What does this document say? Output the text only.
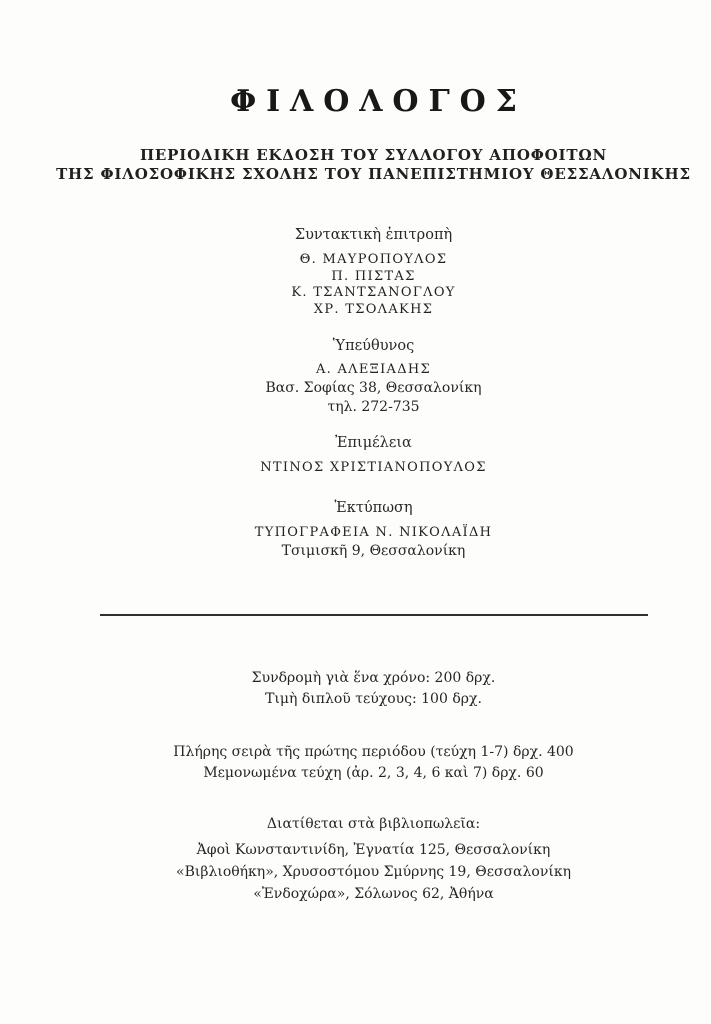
ΦΙΛΟΛΟΓΟΣ
ΠΕΡΙΟΔΙΚΗ ΕΚΔΟΣΗ ΤΟΥ ΣΥΛΛΟΓΟΥ ΑΠΟΦΟΙΤΩΝ
ΤΗΣ ΦΙΛΟΣΟΦΙΚΗΣ ΣΧΟΛΗΣ ΤΟΥ ΠΑΝΕΠΙΣΤΗΜΙΟΥ ΘΕΣΣΑΛΟΝΙΚΗΣ
Συντακτικὴ ἐπιτροπὴ
Θ. ΜΑΥΡΟΠΟΥΛΟΣ
Π. ΠΙΣΤΑΣ
Κ. ΤΣΑΝΤΣΑΝΟΓΛΟΥ
ΧΡ. ΤΣΟΛΑΚΗΣ
Ὑπεύθυνος
Α. ΑΛΕΞΙΑΔΗΣ
Βασ. Σοφίας 38, Θεσσαλονίκη
τηλ. 272-735
Ἐπιμέλεια
ΝΤΙΝΟΣ ΧΡΙΣΤΙΑΝΟΠΟΥΛΟΣ
Ἐκτύπωση
ΤΥΠΟΓΡΑΦΕΙΑ Ν. ΝΙΚΟΛΑΪΔΗ
Τσιμισκῆ 9, Θεσσαλονίκη
Συνδρομὴ γιὰ ἕνα χρόνο: 200 δρχ.
Τιμὴ διπλοῦ τεύχους: 100 δρχ.
Πλήρης σειρὰ τῆς πρώτης περιόδου (τεύχη 1-7) δρχ. 400
Μεμονωμένα τεύχη (ἀρ. 2, 3, 4, 6 καὶ 7) δρχ. 60
Διατίθεται στὰ βιβλιοπωλεῖα:
Ἀφοὶ Κωνσταντινίδη, Ἐγνατία 125, Θεσσαλονίκη
«Βιβλιοθήκη», Χρυσοστόμου Σμύρνης 19, Θεσσαλονίκη
«Ἐνδοχώρα», Σόλωνος 62, Ἀθήνα
